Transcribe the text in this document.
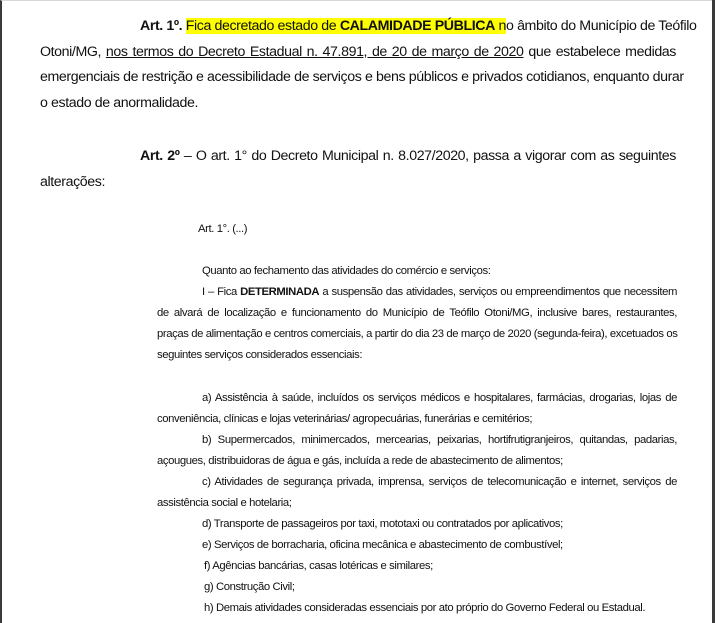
Art. 1º. Fica decretado estado de CALAMIDADE PÚBLICA no âmbito do Município de Teófilo
Otoni/MG, nos termos do Decreto Estadual n. 47.891, de 20 de março de 2020 que estabelece medidas
emergenciais de restrição e acessibilidade de serviços e bens públicos e privados cotidianos, enquanto durar
o estado de anormalidade.
Art. 2º – O art. 1° do Decreto Municipal n. 8.027/2020, passa a vigorar com as seguintes
alterações:
Art. 1°. (...)
Quanto ao fechamento das atividades do comércio e serviços:
I – Fica DETERMINADA a suspensão das atividades, serviços ou empreendimentos que necessitem
de alvará de localização e funcionamento do Município de Teófilo Otoni/MG, inclusive bares, restaurantes,
praças de alimentação e centros comerciais, a partir do dia 23 de março de 2020 (segunda-feira), excetuados os
seguintes serviços considerados essenciais:
a) Assistência à saúde, incluídos os serviços médicos e hospitalares, farmácias, drogarias, lojas de
conveniência, clínicas e lojas veterinárias/ agropecuárias, funerárias e cemitérios;
b) Supermercados, minimercados, mercearias, peixarias, hortifrutigranjeiros, quitandas, padarias,
açougues, distribuidoras de água e gás, incluída a rede de abastecimento de alimentos;
c) Atividades de segurança privada, imprensa, serviços de telecomunicação e internet, serviços de
assistência social e hotelaria;
d) Transporte de passageiros por taxi, mototaxi ou contratados por aplicativos;
e) Serviços de borracharia, oficina mecânica e abastecimento de combustível;
f) Agências bancárias, casas lotéricas e similares;
g) Construção Civil;
h) Demais atividades consideradas essenciais por ato próprio do Governo Federal ou Estadual.
